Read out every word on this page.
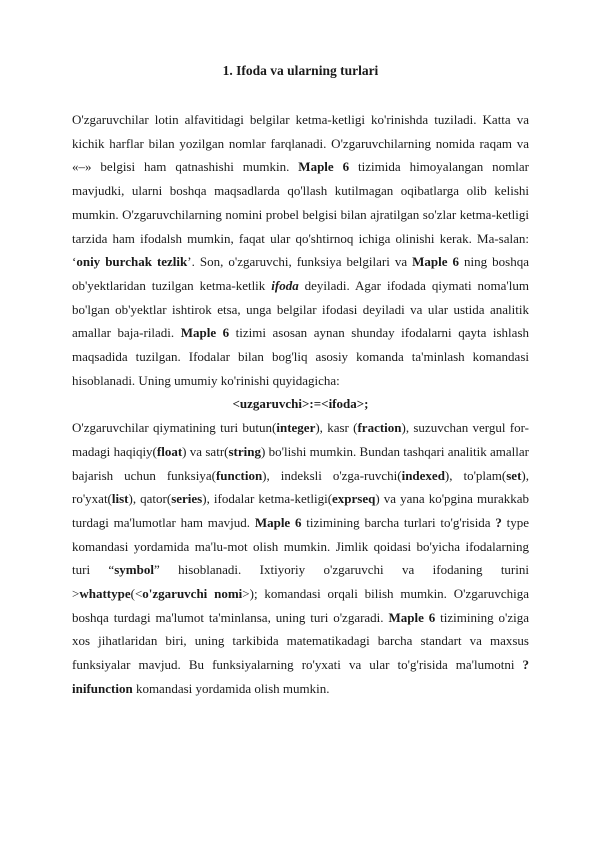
1. Ifoda va ularning turlari

O'zgaruvchilar lotin alfavitidagi belgilar ketma-ketligi ko'rinishda tuziladi. Katta va kichik harflar bilan yozilgan nomlar farqlanadi. O'zgaruvchilarning nomida raqam va «–» belgisi ham qatnashishi mumkin. Maple 6 tizimida himoyalangan nomlar mavjudki, ularni boshqa maqsadlarda qo'llash kutilmagan oqibatlarga olib kelishi mumkin. O'zgaruvchilarning nomini probel belgisi bilan ajratilgan so'zlar ketma-ketligi tarzida ham ifodalsh mumkin, faqat ular qo'shtirnoq ichiga olinishi kerak. Ma-salan: ‘oniy burchak tezlik’. Son, o'zgaruvchi, funksiya belgilari va Maple 6 ning boshqa ob'yektlaridan tuzilgan ketma-ketlik ifoda deyiladi. Agar ifodada qiymati noma'lum bo'lgan ob'yektlar ishtirok etsa, unga belgilar ifodasi deyiladi va ular ustida analitik amallar baja-riladi. Maple 6 tizimi asosan aynan shunday ifodalarni qayta ishlash maqsadida tuzilgan. Ifodalar bilan bog'liq asosiy komanda ta'minlash komandasi hisoblanadi. Uning umumiy ko'rinishi quyidagicha:

<uzgaruvchi>:=<ifoda>;

O'zgaruvchilar qiymatining turi butun(integer), kasr (fraction), suzuvchan vergul for-madagi haqiqiy(float) va satr(string) bo'lishi mumkin. Bundan tashqari analitik amallar bajarish uchun funksiya(function), indeksli o'zga-ruvchi(indexed), to'plam(set), ro'yxat(list), qator(series), ifodalar ketma-ketligi(exprseq) va yana ko'pgina murakkab turdagi ma'lumotlar ham mavjud. Maple 6 tizimining barcha turlari to'g'risida ? type komandasi yordamida ma'lu-mot olish mumkin. Jimlik qoidasi bo'yicha ifodalarning turi “symbol” hisoblanadi. Ixtiyoriy o'zgaruvchi va ifodaning turini >whattype(<o'zgaruvchi nomi>); komandasi orqali bilish mumkin. O'zgaruvchiga boshqa turdagi ma'lumot ta'minlansa, uning turi o'zgaradi. Maple 6 tizimining o'ziga xos jihatlaridan biri, uning tarkibida matematikadagi barcha standart va maxsus funksiyalar mavjud. Bu funksiyalarning ro'yxati va ular to'g'risida ma'lumotni ? inifunction komandasi yordamida olish mumkin.
